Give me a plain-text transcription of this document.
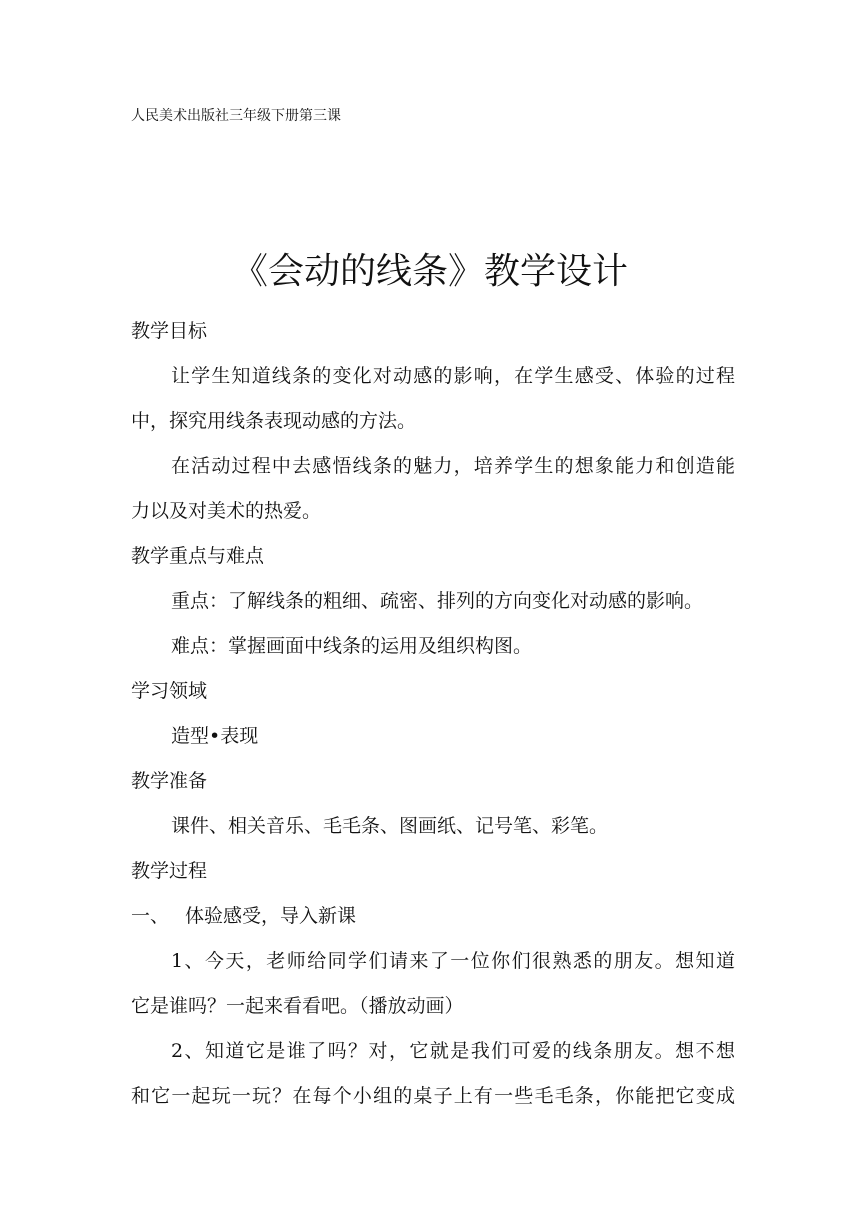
人民美术出版社三年级下册第三课
《会动的线条》教学设计
教学目标
让学生知道线条的变化对动感的影响，在学生感受、体验的过程
中，探究用线条表现动感的方法。
在活动过程中去感悟线条的魅力，培养学生的想象能力和创造能
力以及对美术的热爱。
教学重点与难点
重点：了解线条的粗细、疏密、排列的方向变化对动感的影响。
难点：掌握画面中线条的运用及组织构图。
学习领域
造型•表现
教学准备
课件、相关音乐、毛毛条、图画纸、记号笔、彩笔。
教学过程
一、 体验感受，导入新课
1、今天，老师给同学们请来了一位你们很熟悉的朋友。想知道
它是谁吗？一起来看看吧。（播放动画）
2、知道它是谁了吗？对，它就是我们可爱的线条朋友。想不想
和它一起玩一玩？在每个小组的桌子上有一些毛毛条，你能把它变成
